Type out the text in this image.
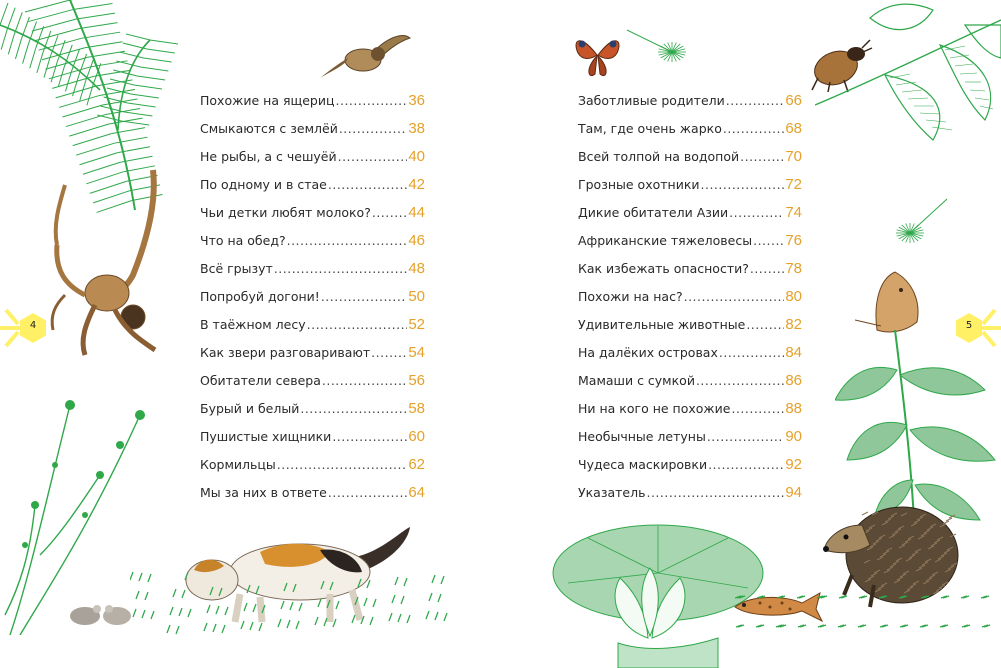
4
Похожие на ящериц .....	36
Смыкаются с землёй .....	38
Не рыбы, а с чешуёй .....	40
По одному и в стае .....	42
Чьи детки любят молоко? ..... 44
Что на обед? .....	46
Всё грызут .....	48
Попробуй догони! .....	50
В таёжном лесу .....	52
Как звери разговаривают .....	54
Обитатели севера .....	56
Бурый и белый .....	58
Пушистые хищники .....	60
Кормильцы .....	62
Мы за них в ответе .....	64
Заботливые родители .....	66
Там, где очень жарко .....	68
Всей толпой на водопой .....	70
Грозные охотники .....	72
Дикие обитатели Азии .....	74
Африканские тяжеловесы ..... 76
Как избежать опасности? ..... 78
Похожи на нас? .....	80
Удивительные животные .....	82
На далёких островах .....	84
Мамаши с сумкой .....	86
Ни на кого не похожие .....	88
Необычные летуны .....	90
Чудеса маскировки .....	92
Указатель .....	94
5
